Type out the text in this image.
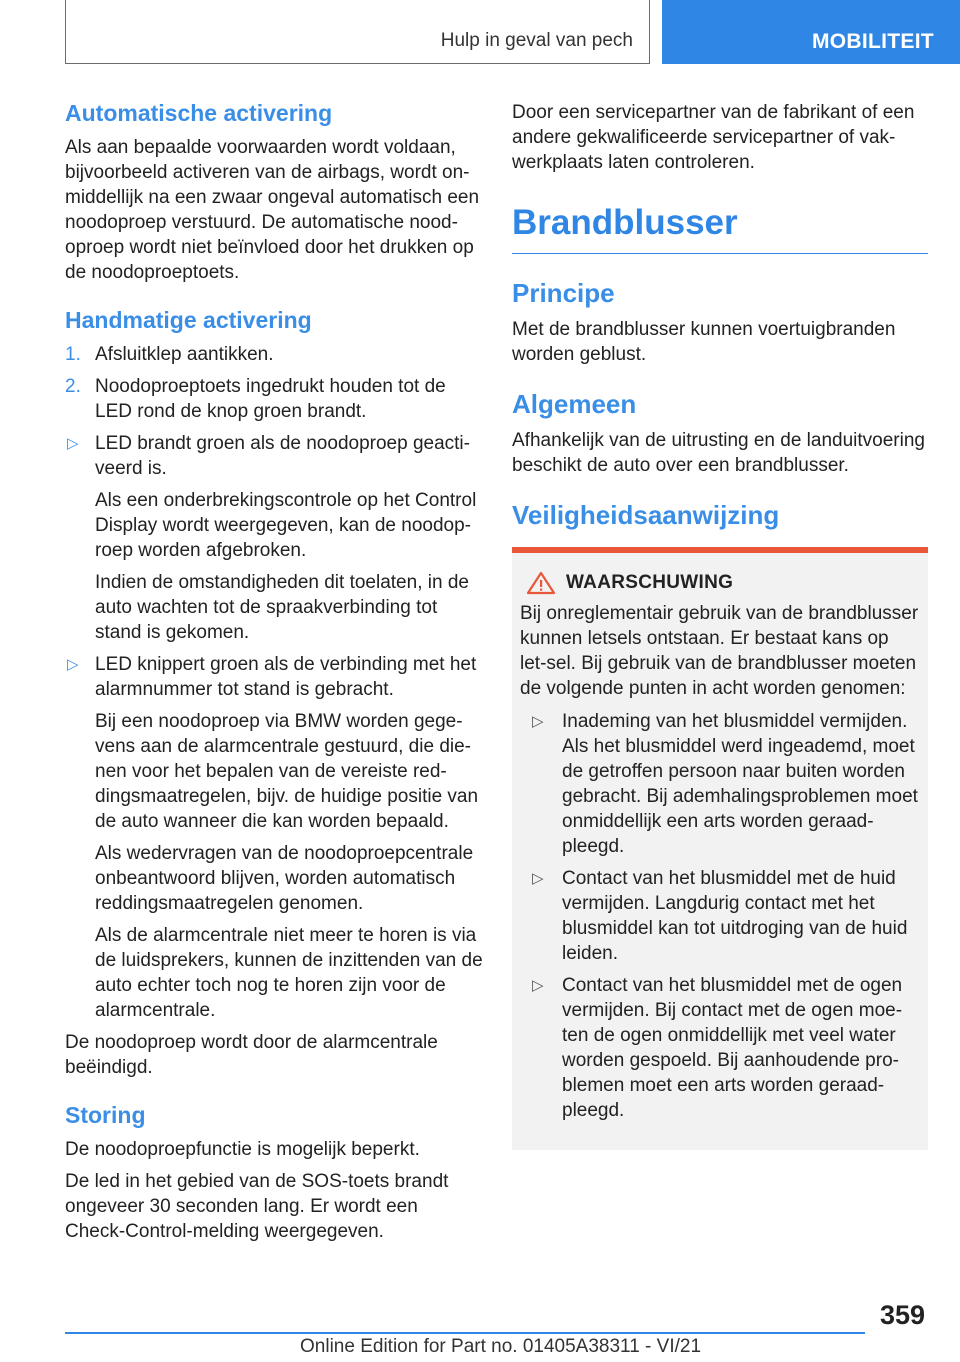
Hulp in geval van pech	MOBILITEIT
Automatische activering
Als aan bepaalde voorwaarden wordt voldaan, bijvoorbeeld activeren van de airbags, wordt on-middellijk na een zwaar ongeval automatisch een noodoproep verstuurd. De automatische nood-oproep wordt niet beïnvloed door het drukken op de noodoproeptoets.
Handmatige activering
1. Afsluitklep aantikken.
2. Noodoproeptoets ingedrukt houden tot de LED rond de knop groen brandt.
▷ LED brandt groen als de noodoproep geacti-veerd is.
Als een onderbrekingscontrole op het Control Display wordt weergegeven, kan de noodop-roep worden afgebroken.
Indien de omstandigheden dit toelaten, in de auto wachten tot de spraakverbinding tot stand is gekomen.
▷ LED knippert groen als de verbinding met het alarmnummer tot stand is gebracht.
Bij een noodoproep via BMW worden gege-vens aan de alarmcentrale gestuurd, die die-nen voor het bepalen van de vereiste red-dingsmaatregelen, bijv. de huidige positie van de auto wanneer die kan worden bepaald.
Als wedervragen van de noodoproepcentrale onbeantwoord blijven, worden automatisch reddingsmaatregelen genomen.
Als de alarmcentrale niet meer te horen is via de luidsprekers, kunnen de inzittenden van de auto echter toch nog te horen zijn voor de alarmcentrale.
De noodoproep wordt door de alarmcentrale beëindigd.
Storing
De noodoproepfunctie is mogelijk beperkt.
De led in het gebied van de SOS-toets brandt ongeveer 30 seconden lang. Er wordt een Check-Control-melding weergegeven.
Door een servicepartner van de fabrikant of een andere gekwalificeerde servicepartner of vak-werkplaats laten controleren.
Brandblusser
Principe
Met de brandblusser kunnen voertuigbranden worden geblust.
Algemeen
Afhankelijk van de uitrusting en de landuitvoering beschikt de auto over een brandblusser.
Veiligheidsaanwijzing
WAARSCHUWING
Bij onreglementair gebruik van de brandblusser kunnen letsels ontstaan. Er bestaat kans op let-sel. Bij gebruik van de brandblusser moeten de volgende punten in acht worden genomen:
▷ Inademing van het blusmiddel vermijden. Als het blusmiddel werd ingeademd, moet de getroffen persoon naar buiten worden gebracht. Bij ademhalingsproblemen moet onmiddellijk een arts worden geraad-pleegd.
▷ Contact van het blusmiddel met de huid vermijden. Langdurig contact met het blusmiddel kan tot uitdroging van de huid leiden.
▷ Contact van het blusmiddel met de ogen vermijden. Bij contact met de ogen moe-ten de ogen onmiddellijk met veel water worden gespoeld. Bij aanhoudende pro-blemen moet een arts worden geraad-pleegd.
359
Online Edition for Part no. 01405A38311 - VI/21
